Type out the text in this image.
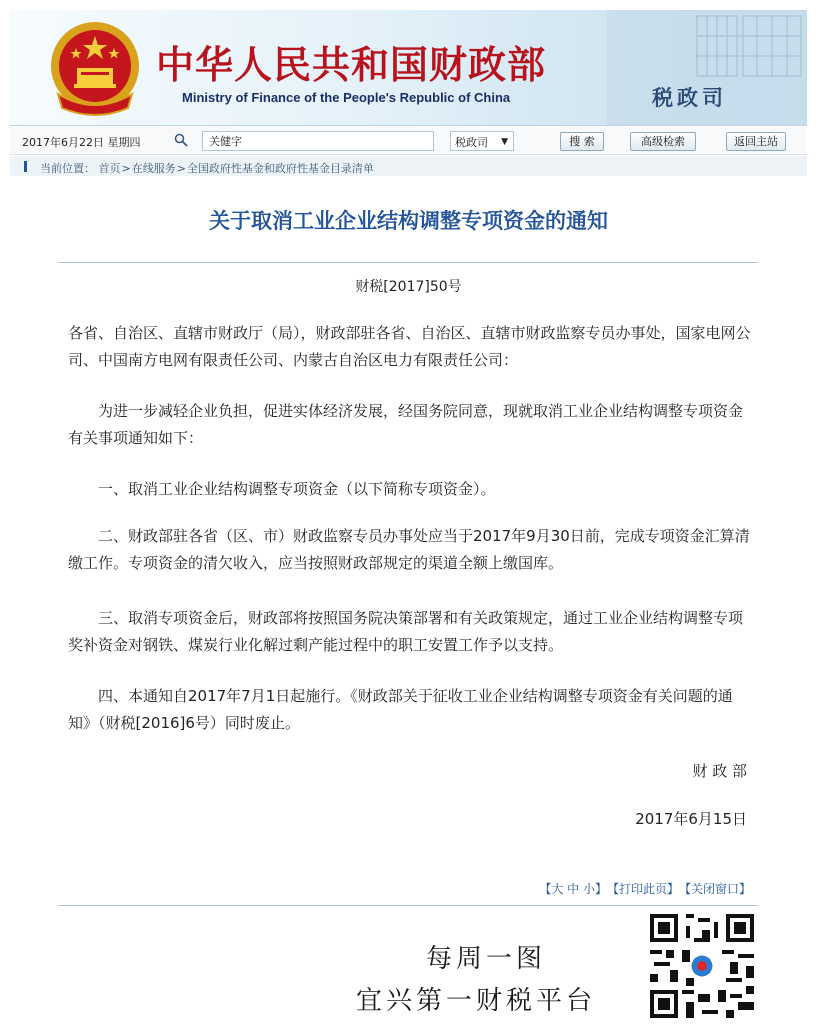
中华人民共和国财政部
Ministry of Finance of the People's Republic of China	税政司
2017年6月22日 星期四
关健字	税政司 ▼	搜 索	高级检索	返回主站
当前位置： 首页>在线服务>全国政府性基金和政府性基金目录清单
关于取消工业企业结构调整专项资金的通知
财税[2017]50号
各省、自治区、直辖市财政厅（局），财政部驻各省、自治区、直辖市财政监察专员办事处，国家电网公司、中国南方电网有限责任公司、内蒙古自治区电力有限责任公司：
为进一步减轻企业负担，促进实体经济发展，经国务院同意，现就取消工业企业结构调整专项资金有关事项通知如下：
一、取消工业企业结构调整专项资金（以下简称专项资金）。
二、财政部驻各省（区、市）财政监察专员办事处应当于2017年9月30日前，完成专项资金汇算清缴工作。专项资金的清欠收入，应当按照财政部规定的渠道全额上缴国库。
三、取消专项资金后，财政部将按照国务院决策部署和有关政策规定，通过工业企业结构调整专项奖补资金对钢铁、煤炭行业化解过剩产能过程中的职工安置工作予以支持。
四、本通知自2017年7月1日起施行。《财政部关于征收工业企业结构调整专项资金有关问题的通知》（财税[2016]6号）同时废止。
财 政 部
2017年6月15日
【大 中 小】 【打印此页】 【关闭窗口】
每周一图
宜兴第一财税平台
